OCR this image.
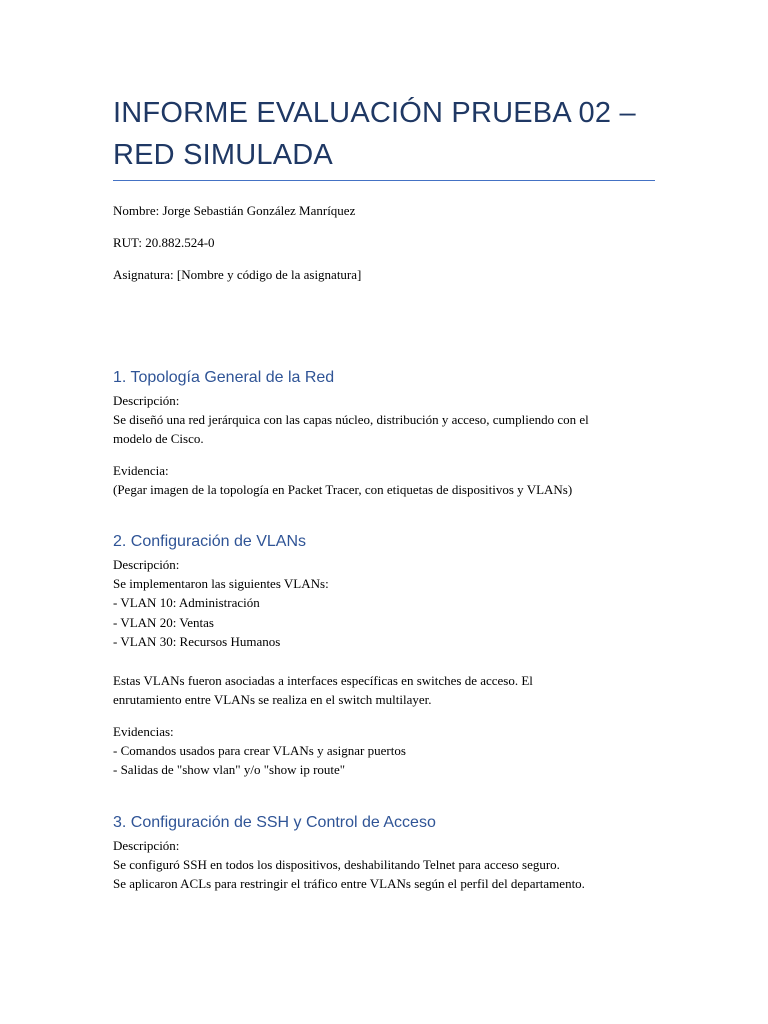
INFORME EVALUACIÓN PRUEBA 02 –
RED SIMULADA
Nombre: Jorge Sebastián González Manríquez
RUT: 20.882.524-0
Asignatura: [Nombre y código de la asignatura]
1. Topología General de la Red
Descripción:
Se diseñó una red jerárquica con las capas núcleo, distribución y acceso, cumpliendo con el
modelo de Cisco.
Evidencia:
(Pegar imagen de la topología en Packet Tracer, con etiquetas de dispositivos y VLANs)
2. Configuración de VLANs
Descripción:
Se implementaron las siguientes VLANs:
- VLAN 10: Administración
- VLAN 20: Ventas
- VLAN 30: Recursos Humanos
Estas VLANs fueron asociadas a interfaces específicas en switches de acceso. El
enrutamiento entre VLANs se realiza en el switch multilayer.
Evidencias:
- Comandos usados para crear VLANs y asignar puertos
- Salidas de "show vlan" y/o "show ip route"
3. Configuración de SSH y Control de Acceso
Descripción:
Se configuró SSH en todos los dispositivos, deshabilitando Telnet para acceso seguro.
Se aplicaron ACLs para restringir el tráfico entre VLANs según el perfil del departamento.
